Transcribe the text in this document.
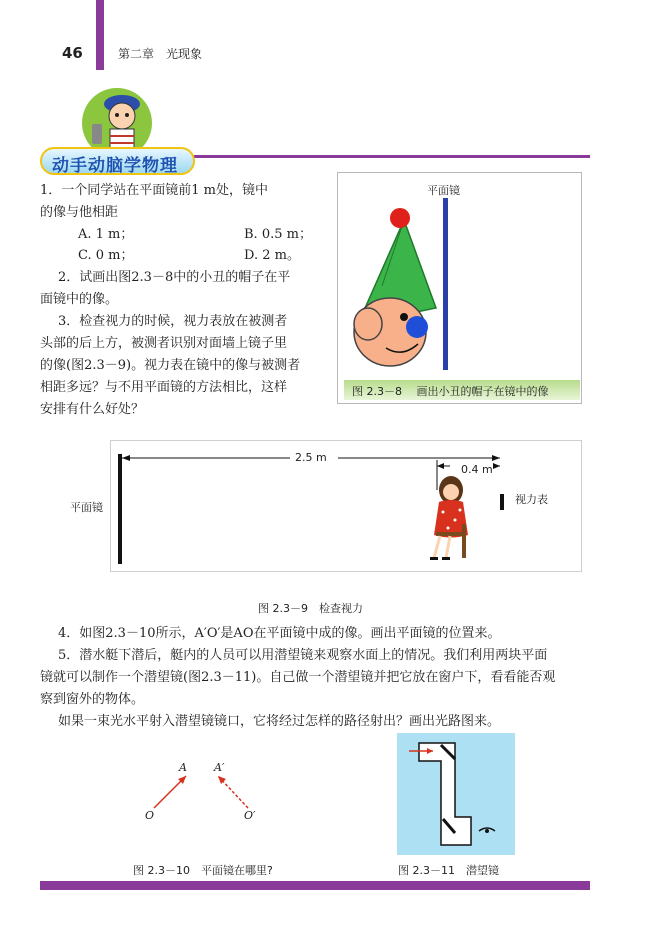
46	第二章　光现象
动手动脑学物理
1．一个同学站在平面镜前1 m处，镜中
的像与他相距
A. 1 m；	B. 0.5 m；
C. 0 m；	D. 2 m。
2．试画出图2.3－8中的小丑的帽子在平
面镜中的像。
3．检查视力的时候，视力表放在被测者
头部的后上方，被测者识别对面墙上镜子里
的像(图2.3－9)。视力表在镜中的像与被测者
相距多远？与不用平面镜的方法相比，这样
安排有什么好处？
平面镜
图 2.3－8　 画出小丑的帽子在镜中的像
2.5 m
0.4 m
平面镜
视力表
图 2.3－9　检查视力
4．如图2.3－10所示，A′O′是AO在平面镜中成的像。画出平面镜的位置来。
5．潜水艇下潜后，艇内的人员可以用潜望镜来观察水面上的情况。我们利用两块平面
镜就可以制作一个潜望镜(图2.3－11)。自己做一个潜望镜并把它放在窗户下，看看能否观
察到窗外的物体。
如果一束光水平射入潜望镜镜口，它将经过怎样的路径射出？画出光路图来。
A A′
O	O′
图 2.3－10　平面镜在哪里?	图 2.3－11　潜望镜
